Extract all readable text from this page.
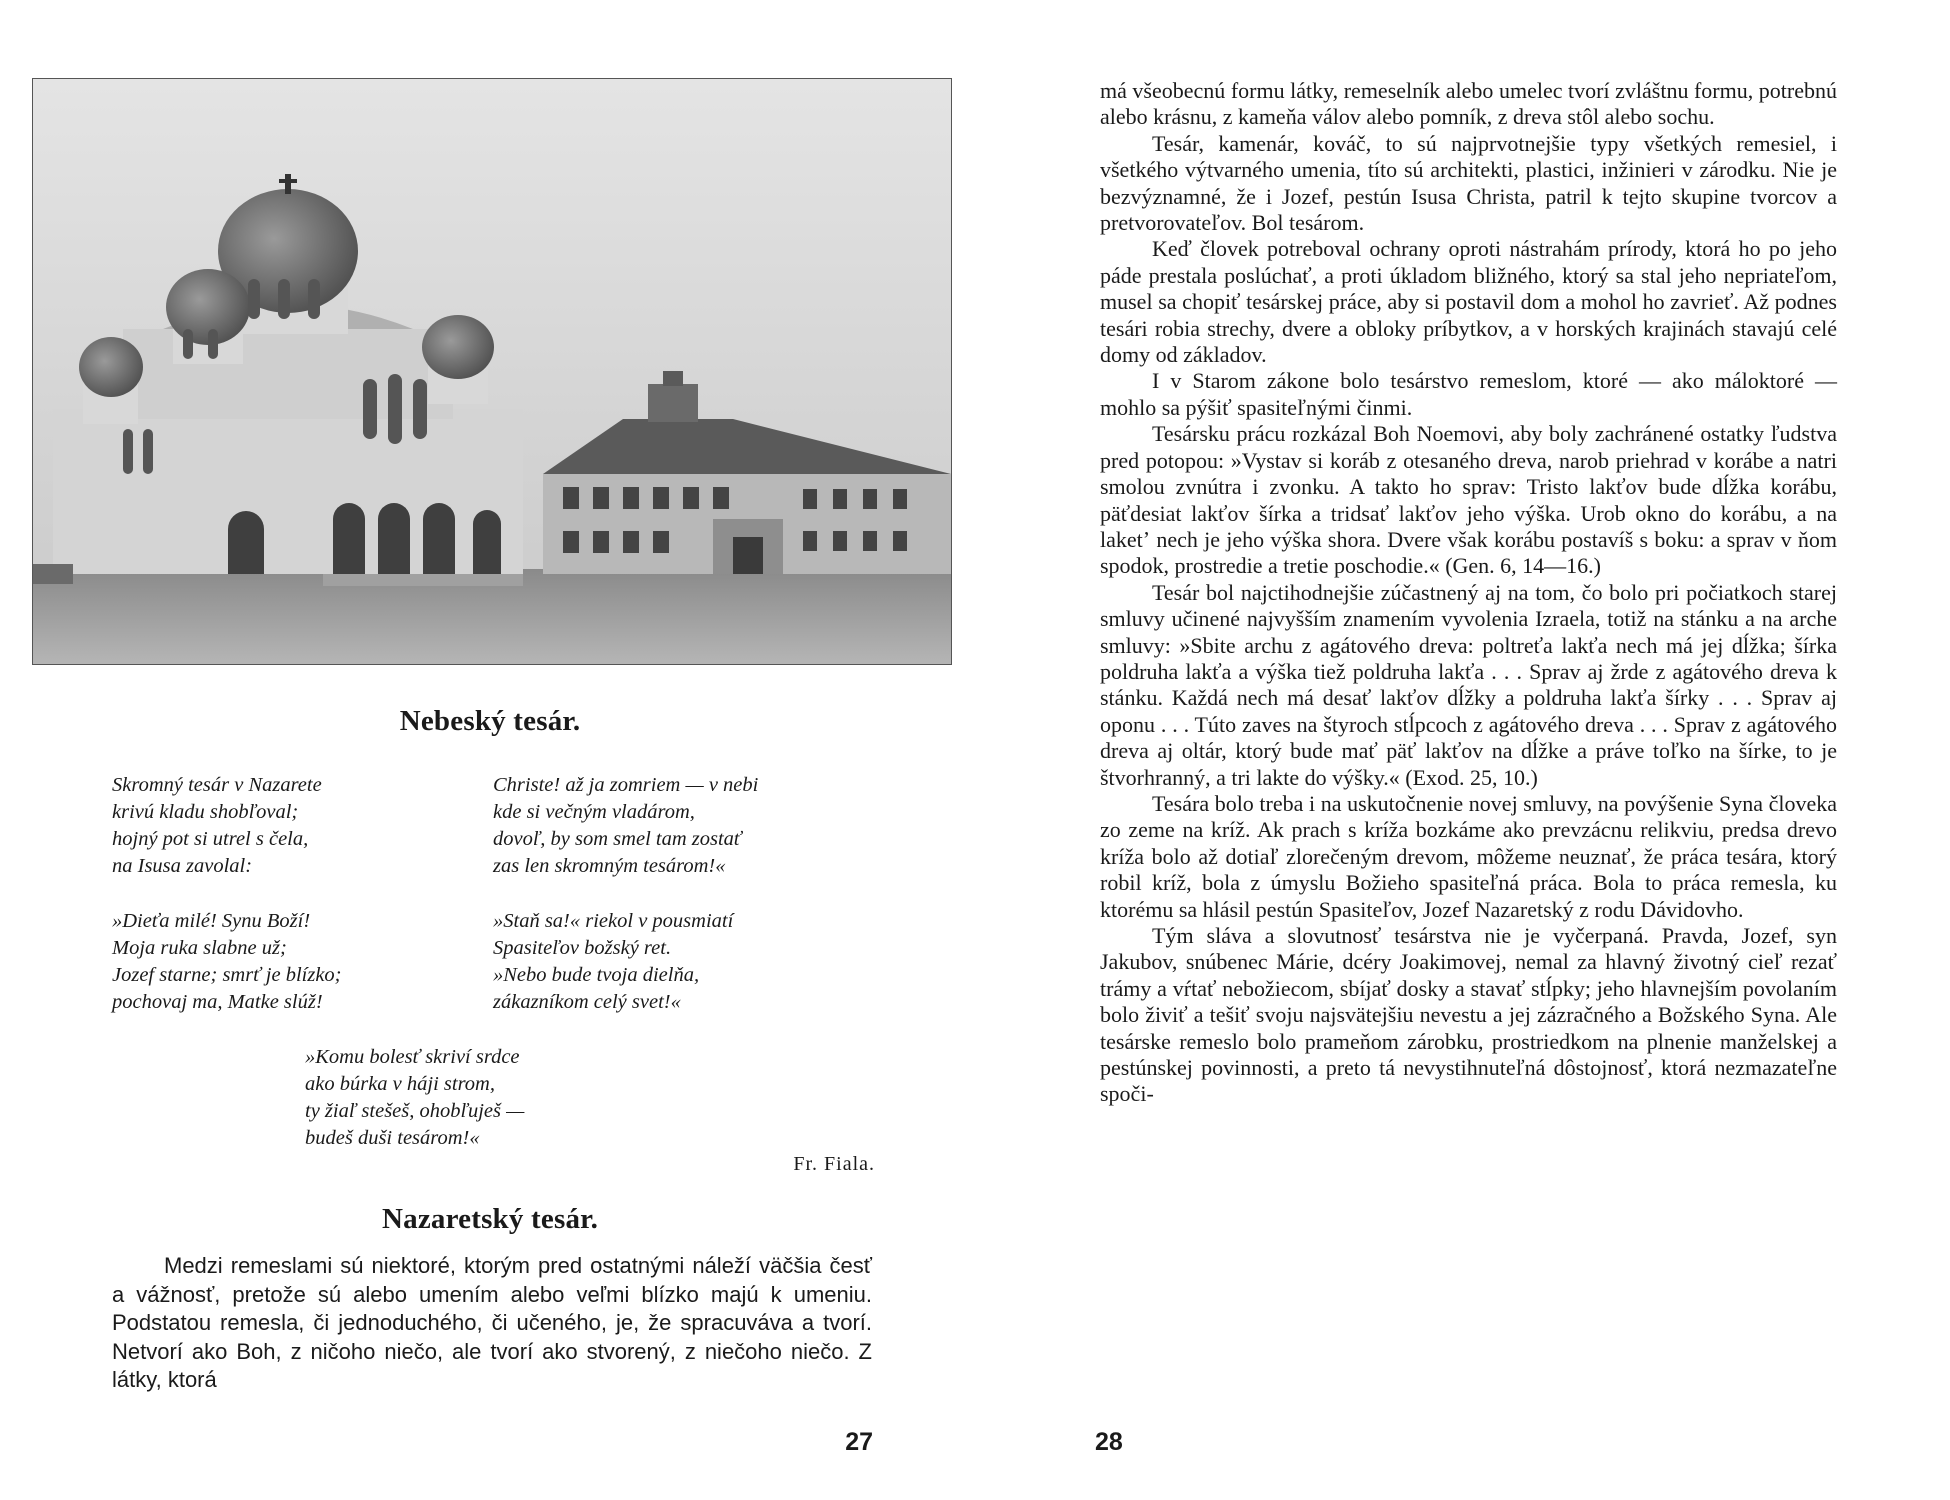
Nebeský tesár.
Skromný tesár v Nazarete
krivú kladu shobľoval;
hojný pot si utrel s čela,
na Isusa zavolal:
»Dieťa milé! Synu Boží!
Moja ruka slabne už;
Jozef starne; smrť je blízko;
pochovaj ma, Matke slúž!
Christe! až ja zomriem — v nebi
kde si večným vladárom,
dovoľ, by som smel tam zostať
zas len skromným tesárom!«
»Staň sa!« riekol v pousmiatí
Spasiteľov božský ret.
»Nebo bude tvoja dielňa,
zákazníkom celý svet!«
»Komu bolesť skriví srdce
ako búrka v háji strom,
ty žiaľ stešeš, ohobľuješ —
budeš duši tesárom!«
Fr. Fiala.
Nazaretský tesár.

Medzi remeslami sú niektoré, ktorým pred ostatnými náleží väčšia česť a vážnosť, pretože sú alebo umením alebo veľmi blízko majú k umeniu. Podstatou remesla, či jednoduchého, či učeného, je, že spracuváva a tvorí. Netvorí ako Boh, z ničoho niečo, ale tvorí ako stvorený, z niečoho niečo. Z látky, ktorá

27

má všeobecnú formu látky, remeselník alebo umelec tvorí zvláštnu formu, potrebnú alebo krásnu, z kameňa válov alebo pomník, z dreva stôl alebo sochu.

Tesár, kamenár, kováč, to sú najprvotnejšie typy všetkých remesiel, i všetkého výtvarného umenia, títo sú architekti, plastici, inžinieri v zárodku. Nie je bezvýznamné, že i Jozef, pestún Isusa Christa, patril k tejto skupine tvorcov a pretvorovateľov. Bol tesárom.

Keď človek potreboval ochrany oproti nástrahám prírody, ktorá ho po jeho páde prestala poslúchať, a proti úkladom bližného, ktorý sa stal jeho nepriateľom, musel sa chopiť tesárskej práce, aby si postavil dom a mohol ho zavrieť. Až podnes tesári robia strechy, dvere a obloky príbytkov, a v horských krajinách stavajú celé domy od základov.

I v Starom zákone bolo tesárstvo remeslom, ktoré — ako máloktoré — mohlo sa pýšiť spasiteľnými činmi.

Tesársku prácu rozkázal Boh Noemovi, aby boly zachránené ostatky ľudstva pred potopou: »Vystav si koráb z otesaného dreva, narob priehrad v korábe a natri smolou zvnútra i zvonku. A takto ho sprav: Tristo lakťov bude dĺžka korábu, päťdesiat lakťov šírka a tridsať lakťov jeho výška. Urob okno do korábu, a na laketʼ nech je jeho výška shora. Dvere však korábu postavíš s boku: a sprav v ňom spodok, prostredie a tretie poschodie.« (Gen. 6, 14—16.)

Tesár bol najctihodnejšie zúčastnený aj na tom, čo bolo pri počiatkoch starej smluvy učinené najvyšším znamením vyvolenia Izraela, totiž na stánku a na arche smluvy: »Sbite archu z agátového dreva: poltreťa lakťa nech má jej dĺžka; šírka poldruha lakťa a výška tiež poldruha lakťa . . . Sprav aj žrde z agátového dreva k stánku. Každá nech má desať lakťov dĺžky a poldruha lakťa šírky . . . Sprav aj oponu . . . Túto zaves na štyroch stĺpcoch z agátového dreva . . . Sprav z agátového dreva aj oltár, ktorý bude mať päť lakťov na dĺžke a práve toľko na šírke, to je štvorhranný, a tri lakte do výšky.« (Exod. 25, 10.)

Tesára bolo treba i na uskutočnenie novej smluvy, na povýšenie Syna človeka zo zeme na kríž. Ak prach s kríža bozkáme ako prevzácnu relikviu, predsa drevo kríža bolo až dotiaľ zlorečeným drevom, môžeme neuznať, že práca tesára, ktorý robil kríž, bola z úmyslu Božieho spasiteľná práca. Bola to práca remesla, ku ktorému sa hlásil pestún Spasiteľov, Jozef Nazaretský z rodu Dávidovho.

Tým sláva a slovutnosť tesárstva nie je vyčerpaná. Pravda, Jozef, syn Jakubov, snúbenec Márie, dcéry Joakimovej, nemal za hlavný životný cieľ rezať trámy a vŕtať nebožiecom, sbíjať dosky a stavať stĺpky; jeho hlavnejším povolaním bolo živiť a tešiť svoju najsvätejšiu nevestu a jej zázračného a Božského Syna. Ale tesárske remeslo bolo prameňom zárobku, prostriedkom na plnenie manželskej a pestúnskej povinnosti, a preto tá nevystihnuteľná dôstojnosť, ktorá nezmazateľne spoči-

28
